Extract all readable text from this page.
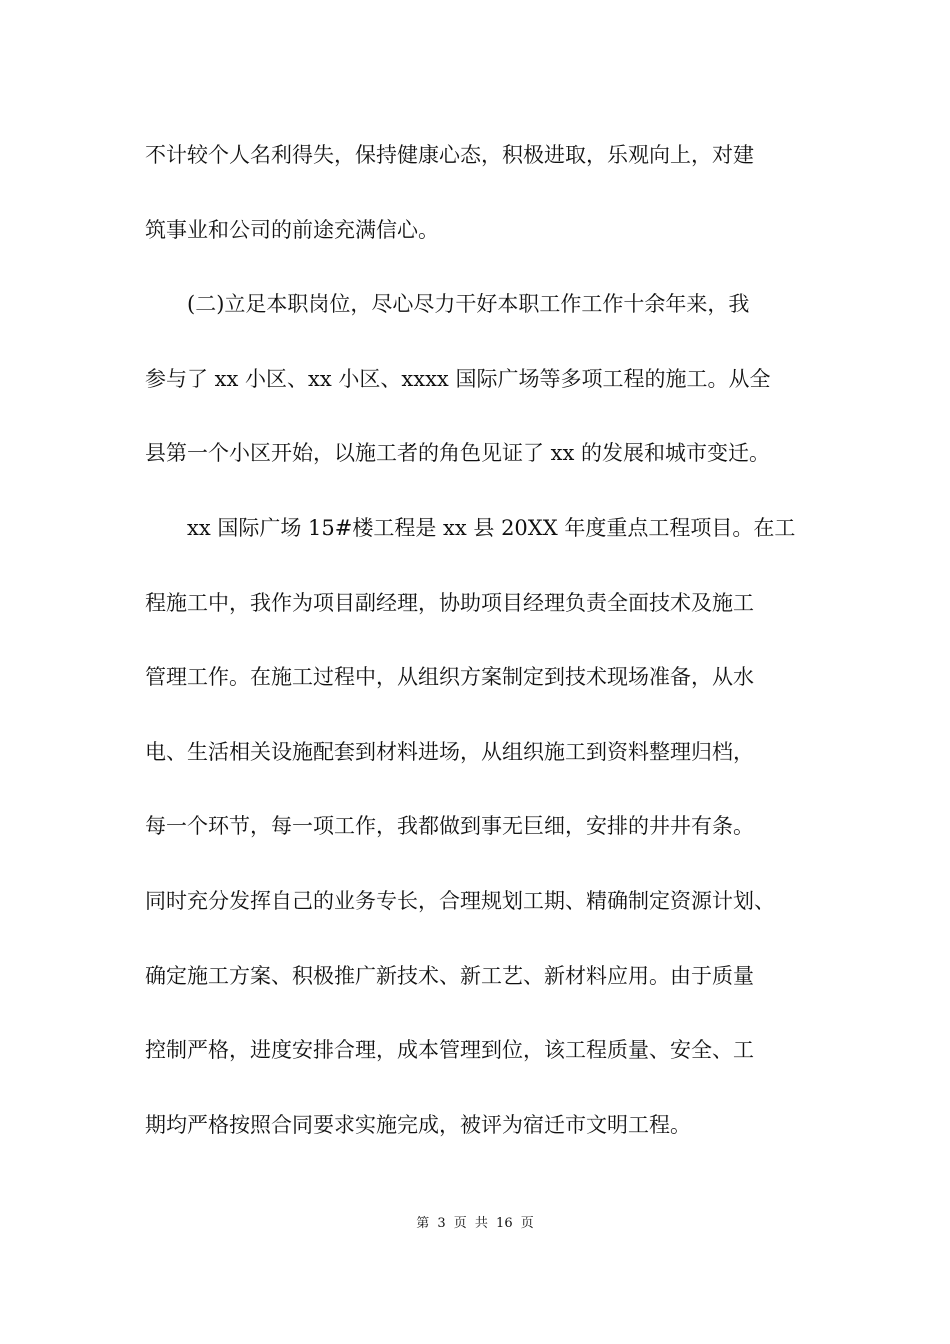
不计较个人名利得失，保持健康心态，积极进取，乐观向上，对建
筑事业和公司的前途充满信心。
　　(二)立足本职岗位，尽心尽力干好本职工作工作十余年来，我
参与了 xx 小区、xx 小区、xxxx 国际广场等多项工程的施工。从全
县第一个小区开始，以施工者的角色见证了 xx 的发展和城市变迁。
　　xx 国际广场 15#楼工程是 xx 县 20XX 年度重点工程项目。在工
程施工中，我作为项目副经理，协助项目经理负责全面技术及施工
管理工作。在施工过程中，从组织方案制定到技术现场准备，从水
电、生活相关设施配套到材料进场，从组织施工到资料整理归档，
每一个环节，每一项工作，我都做到事无巨细，安排的井井有条。
同时充分发挥自己的业务专长，合理规划工期、精确制定资源计划、
确定施工方案、积极推广新技术、新工艺、新材料应用。由于质量
控制严格，进度安排合理，成本管理到位，该工程质量、安全、工
期均严格按照合同要求实施完成，被评为宿迁市文明工程。
第 3 页 共 16 页
